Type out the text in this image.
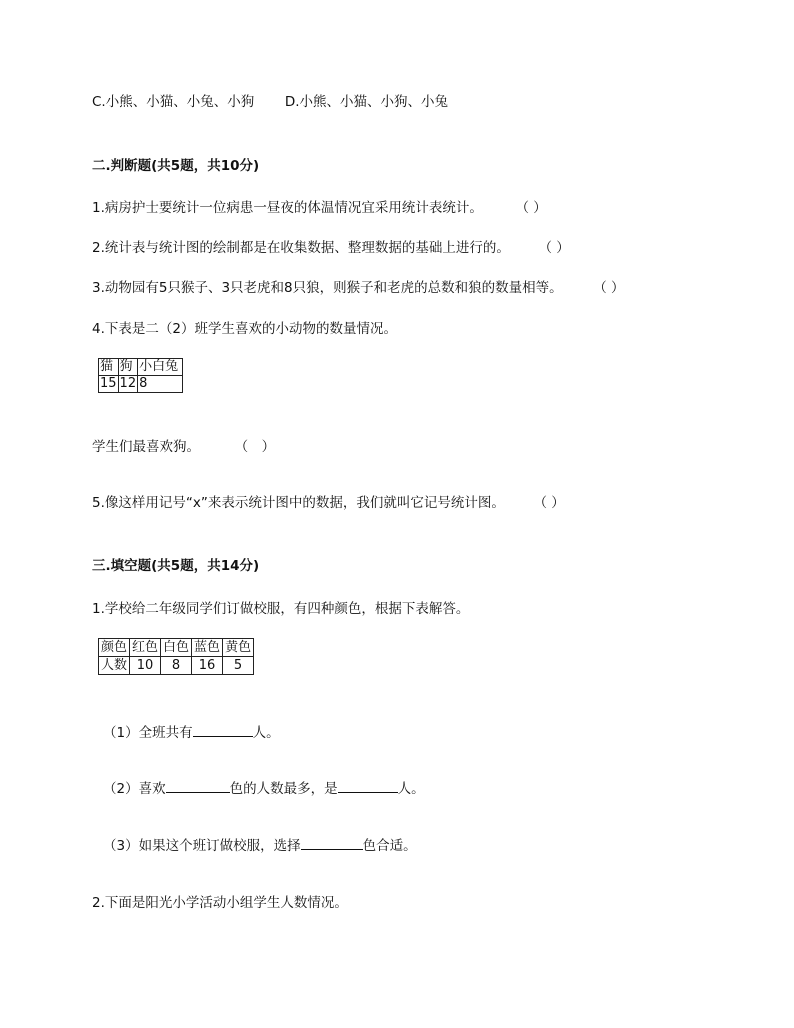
C.小熊、小猫、小兔、小狗 D.小熊、小猫、小狗、小兔
二.判断题(共5题，共10分)
1.病房护士要统计一位病患一昼夜的体温情况宜采用统计表统计。 （ ）
2.统计表与统计图的绘制都是在收集数据、整理数据的基础上进行的。 （ ）
3.动物园有5只猴子、3只老虎和8只狼，则猴子和老虎的总数和狼的数量相等。 （ ）
4.下表是二（2）班学生喜欢的小动物的数量情况。
猫	狗	小白兔
15	12	8
学生们最喜欢狗。	（　）
5.像这样用记号“x”来表示统计图中的数据，我们就叫它记号统计图。 （ ）
三.填空题(共5题，共14分)
1.学校给二年级同学们订做校服，有四种颜色，根据下表解答。
颜色	红色	白色	蓝色	黄色
人数	10	8	16	5
（1）全班共有	人。
（2）喜欢	色的人数最多，是	人。
（3）如果这个班订做校服，选择	色合适。
2.下面是阳光小学活动小组学生人数情况。
